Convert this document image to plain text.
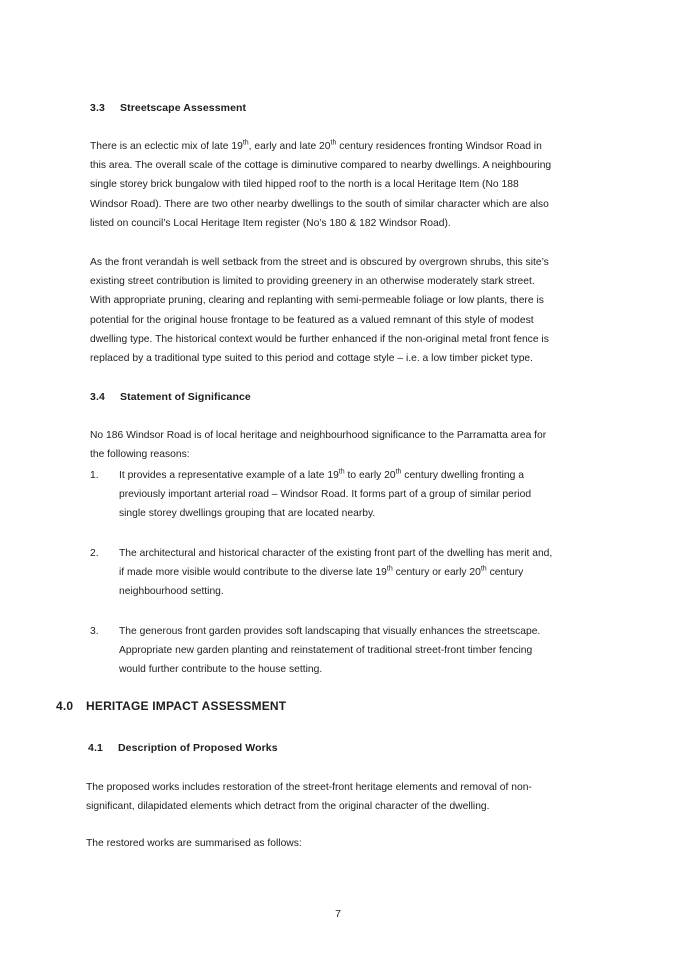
3.3 Streetscape Assessment
There is an eclectic mix of late 19th, early and late 20th century residences fronting Windsor Road in
this area. The overall scale of the cottage is diminutive compared to nearby dwellings. A neighbouring
single storey brick bungalow with tiled hipped roof to the north is a local Heritage Item (No 188
Windsor Road). There are two other nearby dwellings to the south of similar character which are also
listed on council’s Local Heritage Item register (No’s 180 & 182 Windsor Road).
As the front verandah is well setback from the street and is obscured by overgrown shrubs, this site’s
existing street contribution is limited to providing greenery in an otherwise moderately stark street.
With appropriate pruning, clearing and replanting with semi-permeable foliage or low plants, there is
potential for the original house frontage to be featured as a valued remnant of this style of modest
dwelling type. The historical context would be further enhanced if the non-original metal front fence is
replaced by a traditional type suited to this period and cottage style – i.e. a low timber picket type.
3.4 Statement of Significance
No 186 Windsor Road is of local heritage and neighbourhood significance to the Parramatta area for
the following reasons:
1. It provides a representative example of a late 19th to early 20th century dwelling fronting a
previously important arterial road – Windsor Road. It forms part of a group of similar period
single storey dwellings grouping that are located nearby.
2. The architectural and historical character of the existing front part of the dwelling has merit and,
if made more visible would contribute to the diverse late 19th century or early 20th century
neighbourhood setting.
3. The generous front garden provides soft landscaping that visually enhances the streetscape.
Appropriate new garden planting and reinstatement of traditional street-front timber fencing
would further contribute to the house setting.
4.0 HERITAGE IMPACT ASSESSMENT
4.1 Description of Proposed Works
The proposed works includes restoration of the street-front heritage elements and removal of non-
significant, dilapidated elements which detract from the original character of the dwelling.
The restored works are summarised as follows:
7
